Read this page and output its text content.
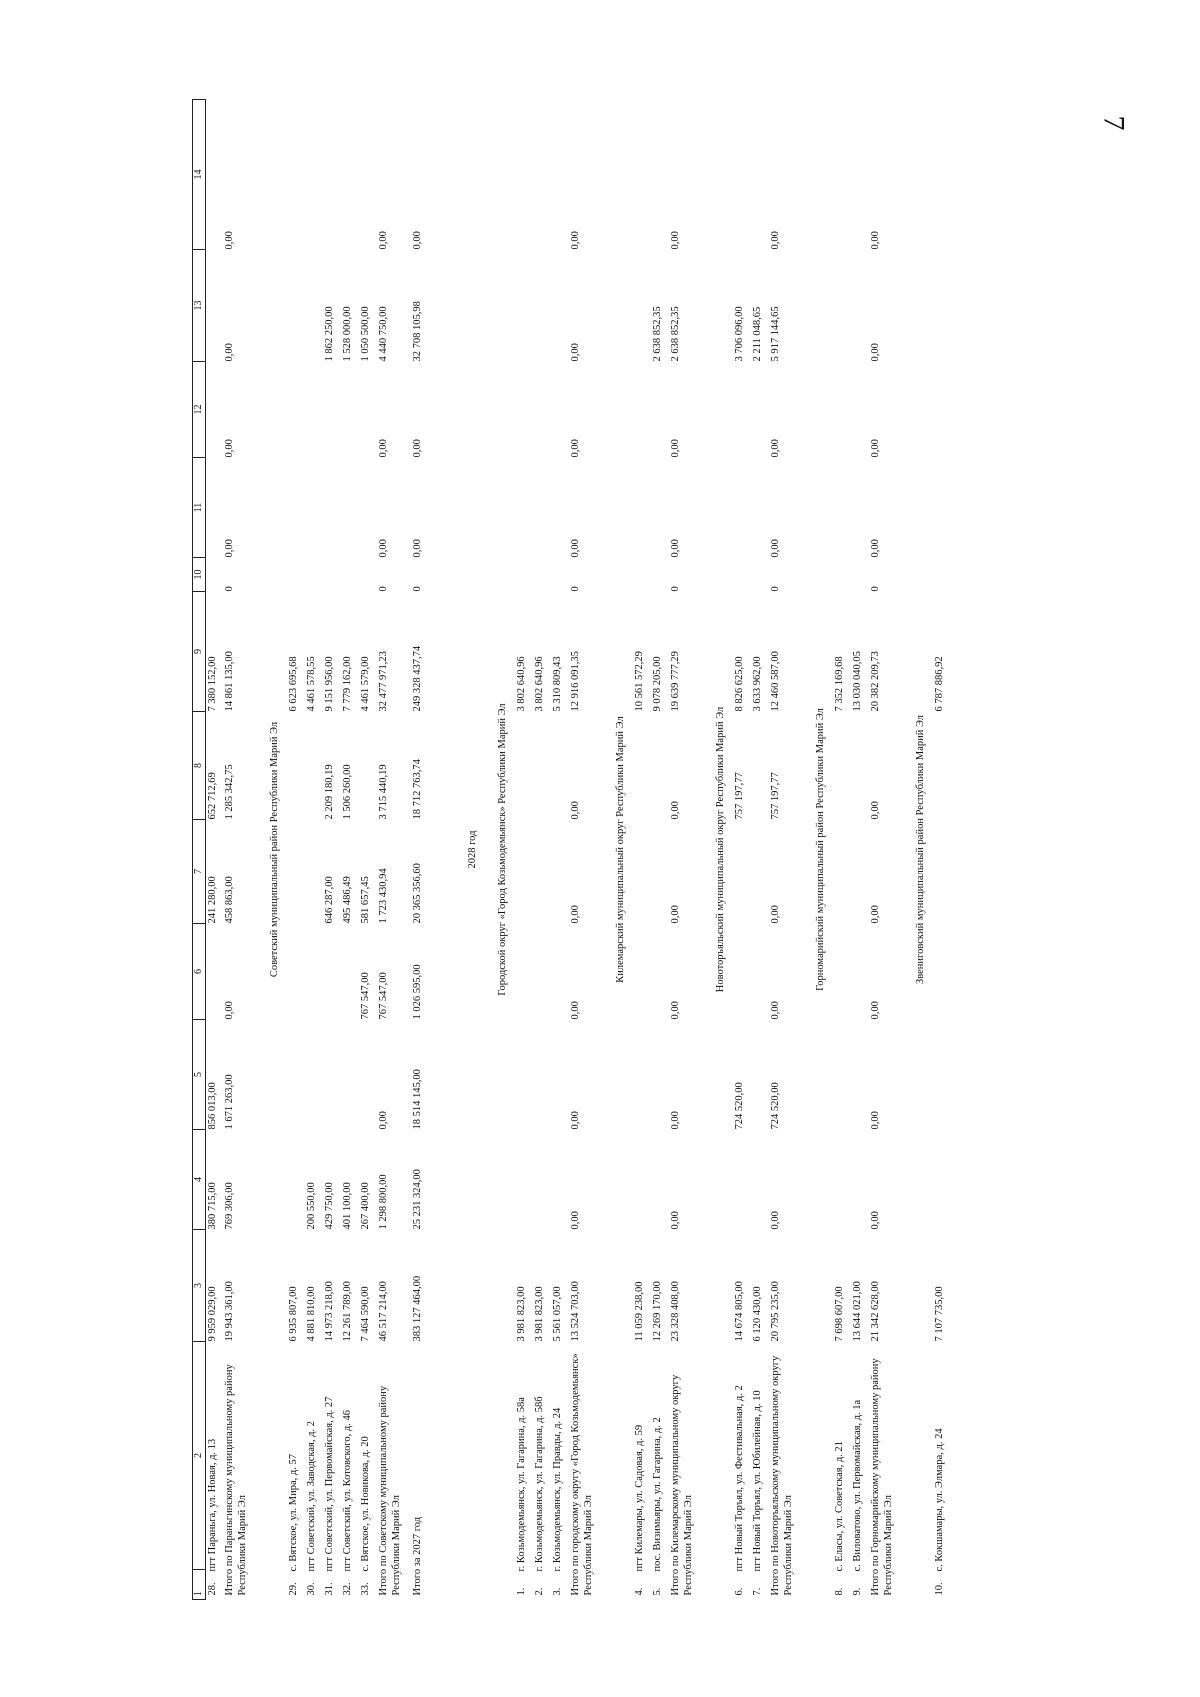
7
1	2	3	4	5	6	7	8	9	10	11	12	13	14
28.пгт Параньга, ул. Новая, д. 13		9 959 029,00	380 715,00	856 013,00		241 280,00	652 712,69	7 380 152,00					
Итого по Параньгинскому муниципальному району Республики Марий Эл		19 943 361,00	769 306,00	1 671 263,00	0,00	458 863,00	1 285 342,75	14 861 135,00	0	0,00	0,00	0,00	0,00
Советский муниципальный район Республики Марий Эл													
29.с. Вятское, ул. Мира, д. 57		6 935 807,00						6 623 695,68					
30.пгт Советский, ул. Заводская, д. 2		4 881 810,00	200 550,00					4 461 578,55					
31.пгт Советский, ул. Первомайская, д. 27		14 973 218,00	429 750,00			646 287,00	2 209 180,19	9 151 956,00				1 862 250,00	
32.пгт Советский, ул. Котовского, д. 46		12 261 789,00	401 100,00			495 486,49	1 506 260,00	7 779 162,00				1 528 000,00	
33.с. Вятское, ул. Новикова, д. 20		7 464 590,00	267 400,00		767 547,00	581 657,45		4 461 579,00				1 050 500,00	
Итого по Советскому муниципальному району Республики Марий Эл		46 517 214,00	1 298 800,00	0,00	767 547,00	1 723 430,94	3 715 440,19	32 477 971,23	0	0,00	0,00	4 440 750,00	0,00
Итого за 2027 год		383 127 464,00	25 231 324,00	18 514 145,00	1 026 595,00	20 365 356,60	18 712 763,74	249 328 437,74	0	0,00	0,00	32 708 105,98	0,00
2028 год													
Городской округ «Город Козьмодемьянск» Республики Марий Эл													
1.г. Козьмодемьянск, ул. Гагарина, д. 58а		3 981 823,00						3 802 640,96					
2.г. Козьмодемьянск, ул. Гагарина, д. 58б		3 981 823,00						3 802 640,96					
3.г. Козьмодемьянск, ул. Правды, д. 24		5 561 057,00						5 310 809,43					
Итого по городскому округу «Город Козьмодемьянск» Республики Марий Эл		13 524 703,00	0,00	0,00	0,00	0,00	0,00	12 916 091,35	0	0,00	0,00	0,00	0,00
Килемарский муниципальный округ Республики Марий Эл													
4.пгт Килемары, ул. Садовая, д. 59		11 059 238,00						10 561 572,29					
5.пос. Визимьяры, ул. Гагарина, д. 2		12 269 170,00						9 078 205,00				2 638 852,35	
Итого по Килемарскому муниципальному округу Республики Марий Эл		23 328 408,00	0,00	0,00	0,00	0,00	0,00	19 639 777,29	0	0,00	0,00	2 638 852,35	0,00
Новоторъяльский муниципальный округ Республики Марий Эл													
6.пгт Новый Торъял, ул. Фестивальная, д. 2		14 674 805,00		724 520,00			757 197,77	8 826 625,00				3 706 096,00	
7.пгт Новый Торъял, ул. Юбилейная, д. 10		6 120 430,00						3 633 962,00				2 211 048,65	
Итого по Новоторъяльскому муниципальному округу Республики Марий Эл		20 795 235,00	0,00	724 520,00	0,00	0,00	757 197,77	12 460 587,00	0	0,00	0,00	5 917 144,65	0,00
Горномарийский муниципальный район Республики Марий Эл													
8.с. Еласы, ул. Советская, д. 21		7 698 607,00						7 352 169,68					
9.с. Виловатово, ул. Первомайская, д. 1а		13 644 021,00						13 030 040,05					
Итого по Горномарийскому муниципальному району Республики Марий Эл		21 342 628,00	0,00	0,00	0,00	0,00	0,00	20 382 209,73	0	0,00	0,00	0,00	0,00
Звениговский муниципальный район Республики Марий Эл													
10.с. Кокшамары, ул. Элмара, д. 24		7 107 735,00						6 787 886,92					
